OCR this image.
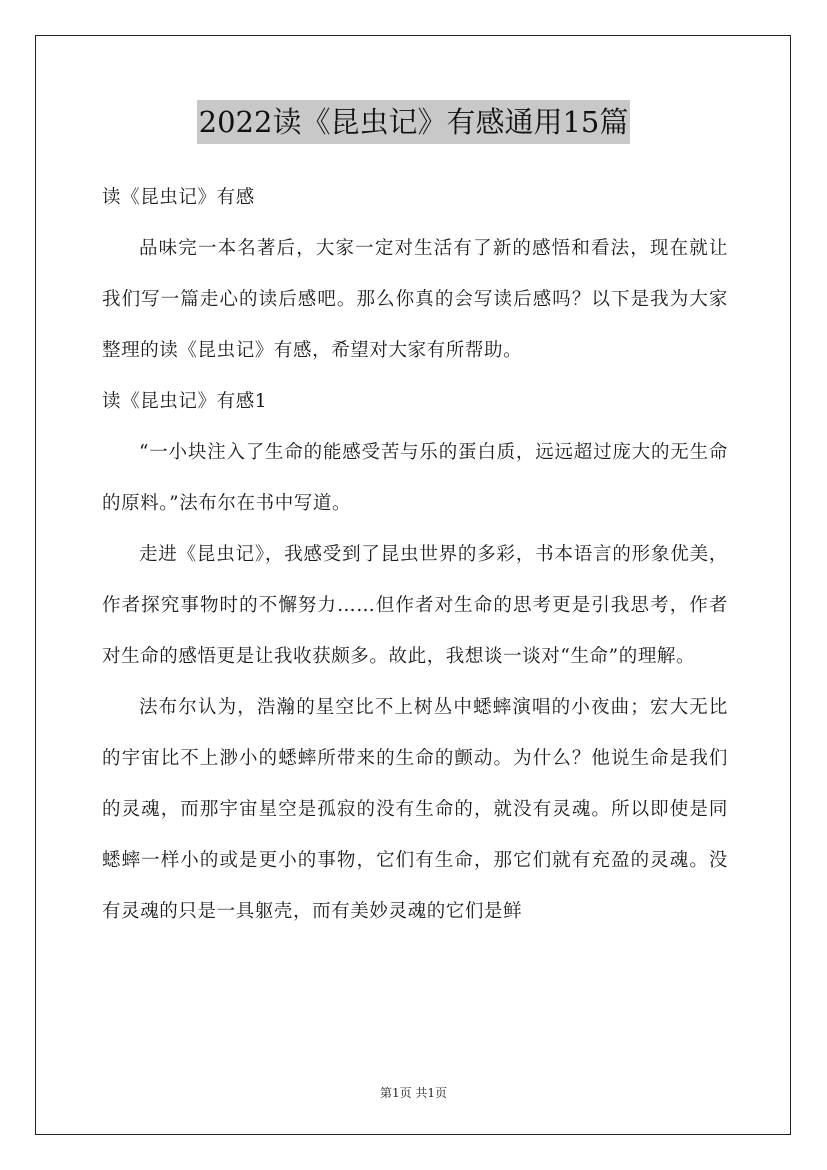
2022读《昆虫记》有感通用15篇

读《昆虫记》有感

品味完一本名著后，大家一定对生活有了新的感悟和看法，现在就让我们写一篇走心的读后感吧。那么你真的会写读后感吗？以下是我为大家整理的读《昆虫记》有感，希望对大家有所帮助。

读《昆虫记》有感1

“一小块注入了生命的能感受苦与乐的蛋白质，远远超过庞大的无生命的原料。”法布尔在书中写道。

走进《昆虫记》，我感受到了昆虫世界的多彩，书本语言的形象优美，作者探究事物时的不懈努力……但作者对生命的思考更是引我思考，作者对生命的感悟更是让我收获颇多。故此，我想谈一谈对“生命”的理解。

法布尔认为，浩瀚的星空比不上树丛中蟋蟀演唱的小夜曲；宏大无比的宇宙比不上渺小的蟋蟀所带来的生命的颤动。为什么？他说生命是我们的灵魂，而那宇宙星空是孤寂的没有生命的，就没有灵魂。所以即使是同蟋蟀一样小的或是更小的事物，它们有生命，那它们就有充盈的灵魂。没有灵魂的只是一具躯壳，而有美妙灵魂的它们是鲜

第1页 共1页
